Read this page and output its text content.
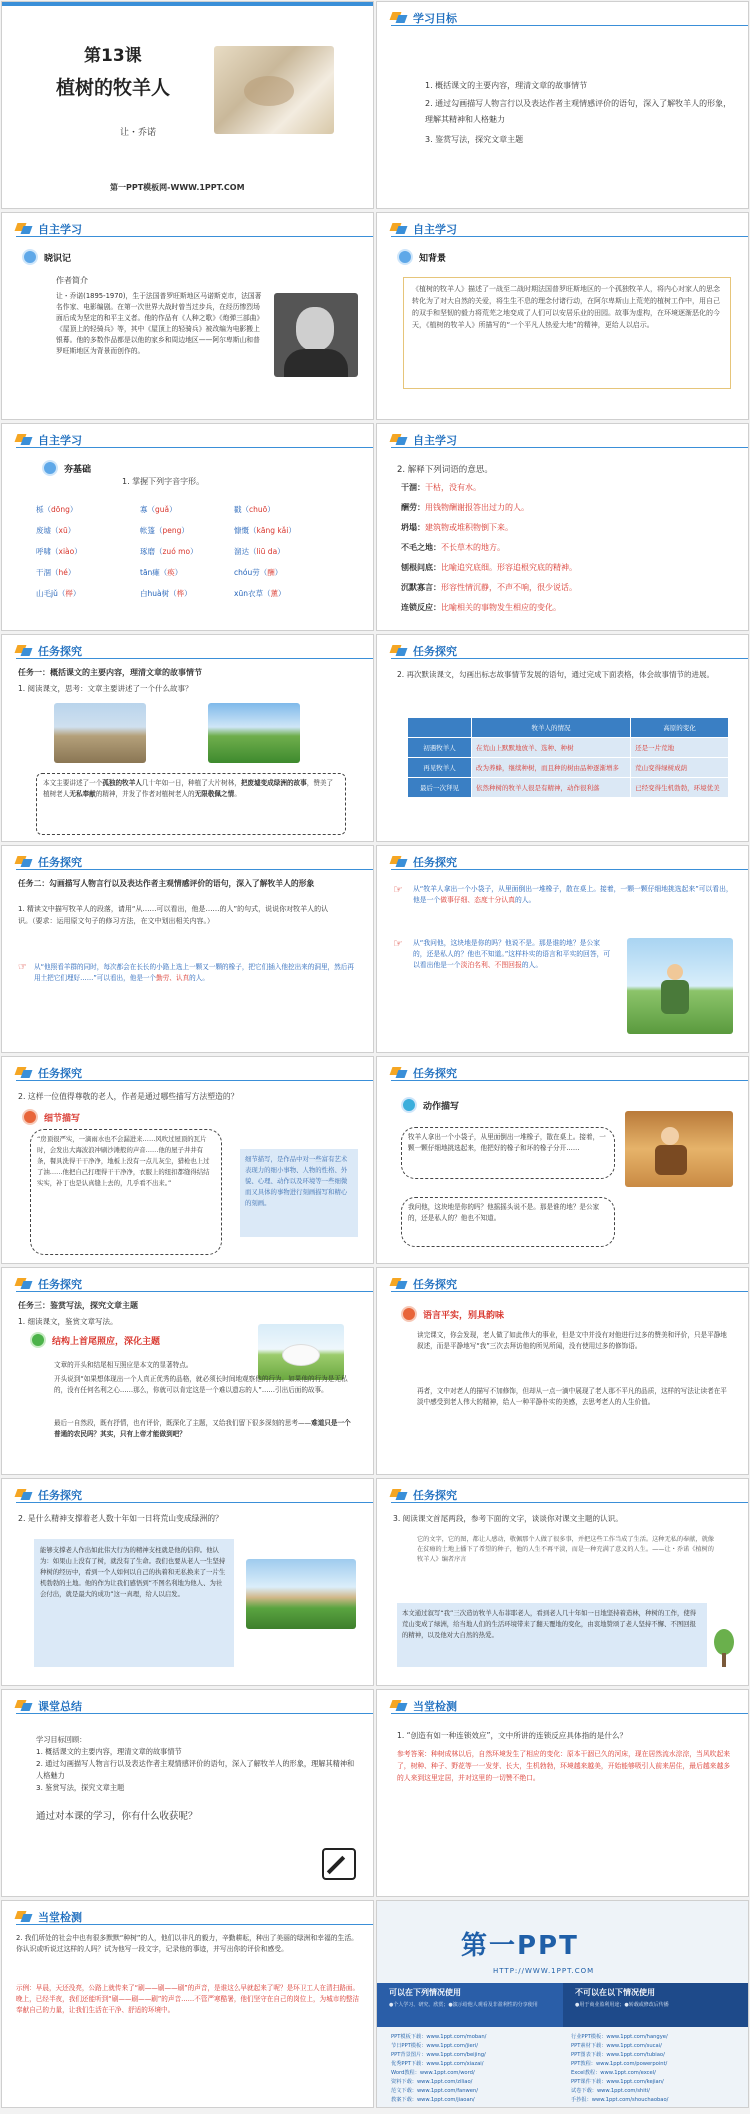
第13课
植树的牧羊人
让・乔诺
第一PPT模板网-WWW.1PPT.COM
学习目标
1. 概括课文的主要内容，理清文章的故事情节
2. 通过勾画描写人物言行以及表达作者主观情感评价的语句，深入了解牧羊人的形象，理解其精神和人格魅力
3. 鉴赏写法，探究文章主题
自主学习
晓识记
作者简介
让・乔诺(1895-1970)，生于法国普罗旺斯地区马诺斯克市，法国著名作家、电影编剧。在第一次世界大战时曾当过步兵，在经历惨烈场面后成为坚定的和平主义者。他的作品有《人种之歌》《炮弹三部曲》《屋顶上的轻骑兵》等，其中《屋顶上的轻骑兵》被改编为电影搬上银幕。他的多数作品都是以他的家乡和周边地区——阿尔卑斯山和普罗旺斯地区为背景而创作的。
自主学习
知背景
《植树的牧羊人》描述了一战至二战时期法国普罗旺斯地区的一个孤独牧羊人，将内心对家人的思念转化为了对大自然的关爱，将生生不息的理念付诸行动，在阿尔卑斯山上荒芜的植树工作中，用自己的双手和坚韧的毅力将荒芜之地变成了人们可以安居乐业的田园。故事为虚构，在环境逐渐恶化的今天，《植树的牧羊人》所描写的“一个平凡人热爱大地”的精神，更给人以启示。
自主学习
夯基础
1. 掌握下列字音字形。
栎（dōng）	寡（guǎ）	戳（chuō）
废墟（xū）	帐篷（peng）	慷慨（kāng kǎi）
呼啸（xiào）	琢磨（zuó mo）	溜达（liū da）
干涸（hé）	tān瘫（痪）	chóu劳（酬）
山毛jǔ（榉）	白huà树（桦）	xūn衣草（薰）
自主学习
2. 解释下列词语的意思。
干涸：干枯，没有水。
酬劳：用钱物酬谢报答出过力的人。
坍塌：建筑物或堆积物倒下来。
不毛之地：不长草木的地方。
刨根问底：比喻追究底细。形容追根究底的精神。
沉默寡言：形容性情沉静，不声不响，很少说话。
连锁反应：比喻相关的事物发生相应的变化。
任务探究
任务一：概括课文的主要内容，理清文章的故事情节
1. 阅读课文，思考：文章主要讲述了一个什么故事？
本文主要讲述了一个孤独的牧羊人几十年如一日，种植了大片树林，把废墟变成绿洲的故事，赞美了植树老人无私奉献的精神，并发了作者对植树老人的无限敬佩之情。
任务探究
2. 再次默读课文，勾画出标志故事情节发展的语句，通过完成下面表格，体会故事情节的进展。
	牧羊人的情况	高原的变化
初遇牧羊人	在荒山上默默地放羊、选种、种树	还是一片荒地
再见牧羊人	改为养蜂，继续种树，而且种的树由品种逐渐增多	荒山变得绿树成荫
最后一次拜见	依然种树的牧羊人很是有精神，动作很利落	已经变得生机勃勃，环境优美
任务探究
任务二：勾画描写人物言行以及表达作者主观情感评价的语句，深入了解牧羊人的形象
1. 精读文中描写牧羊人的段落，请用“从……可以看出，他是……的人”的句式，说说你对牧羊人的认识。（要求：运用原文句子的修习方法，在文中划出相关内容。）
☞	从“他照看羊群的同时，每次都会在长长的小路上选上一颗又一颗的橡子，把它们插入他挖出来的洞里，然后再用土把它们埋好……”可以看出，他是一个勤劳、认真的人。
任务探究
☞	从“牧羊人拿出一个小袋子，从里面倒出一堆橡子，散在桌上。接着，一颗一颗仔细地挑选起来”可以看出，他是一个做事仔细、态度十分认真的人。
☞	从“我问他，这块地是你的吗？他说不是。那是谁的地？是公家的，还是私人的？他也不知道。”这样朴实的语言和平实的回答，可以看出他是一个淡泊名利、不图回报的人。
任务探究
2. 这样一位值得尊敬的老人，作者是通过哪些描写方法塑造的？
细节描写
“房顶很严实，一滴雨水也不会漏进来……风吹过屋顶的瓦片时，会发出大海波浪冲刷沙滩般的声音……他的屋子井井有条，餐具洗得干干净净，地板上没有一点儿灰尘，猎枪也上过了油……他把自己打理得干干净净，衣服上的纽扣都缝得结结实实，补丁也是认真缝上去的，几乎看不出来。”
细节描写，是作品中对一些富有艺术表现力的细小事物、人物的性格、外貌、心理、动作以及环境等一些细微而又具体的事物进行刻画描写和精心的刻画。
任务探究
动作描写
牧羊人拿出一个小袋子，从里面倒出一堆橡子，散在桌上。接着，一颗一颗仔细地挑选起来，他把好的橡子和坏的橡子分开……
我问他，这块地是你的吗？他摇摇头说不是。那是谁的地？是公家的，还是私人的？他也不知道。
任务探究
任务三：鉴赏写法，探究文章主题
1. 细读课文，鉴赏文章写法。
结构上首尾照应，深化主题
文章的开头和结尾相互照应是本文的显著特点。
开头说到“如果想体现出一个人真正优秀的品格，就必须长时间地观察他的行为。如果他的行为是无私的，没有任何名利之心……那么，你就可以肯定这是一个难以遗忘的人”……引出后面的故事。
最后一自然段，既有抒情，也有评价，既深化了主题，又给我们留下很多深刻的思考——难道只是一个普通的农民吗？其实，只有上帝才能做到吧？
任务探究
语言平实，别具韵味
读完课文，你会发现，老人做了如此伟大的事业，但是文中并没有对他进行过多的赞美和评价，只是平静地叙述，而是平静地写“我”三次去拜访他的所见所闻，没有使用过多的修饰语。
再者，文中对老人的描写不加修饰，但却从一点一滴中展现了老人那不平凡的品质，这样的写法让读者在平淡中感受到老人伟大的精神，给人一种平静朴实的美感，去思考老人的人生价值。
任务探究
2. 是什么精神支撑着老人数十年如一日将荒山变成绿洲的？
能够支撑老人作出如此伟大行为的精神支柱就是他的信仰。他认为：如果山上没有了树，就没有了生命。我们也要从老人一生坚持种树的经历中，看到一个人如何以自己的执着和无私换来了一片生机勃勃的土地。他的作为让我们感悟到“不图名利地为他人、为社会付出，就是最大的成功”这一真理，给人以启发。
任务探究
3. 阅读课文首尾两段，参考下面的文字，谈谈你对课文主题的认识。
它的文字，它的图，都让人感动，敬佩那个人做了很多事，并把这些工作当成了生活。这种无私的奉献，就像在贫瘠的土地上播下了希望的种子，他的人生不再平淡，而是一种充满了意义的人生。——让・乔诺《植树的牧羊人》编者序言
本文通过叙写“我”三次造访牧羊人布菲耶老人，看到老人几十年如一日地坚持着造林，种树的工作，使得荒山变成了绿洲，给当地人们的生活环境带来了翻天覆地的变化，由衷地赞颂了老人坚持不懈、不图回报的精神，以及他对大自然的热爱。
课堂总结
学习目标回顾：
1. 概括课文的主要内容，理清文章的故事情节
2. 通过勾画描写人物言行以及表达作者主观情感评价的语句，深入了解牧羊人的形象，理解其精神和人格魅力
3. 鉴赏写法，探究文章主题
通过对本课的学习，你有什么收获呢？
当堂检测
1. “创造有如一种连锁效应”，文中所讲的连锁反应具体指的是什么？
参考答案：种树成林以后，自然环境发生了相应的变化：原本干涸已久的河床，现在居然流水淙淙，当风吹起来了，树种、种子、野花等一一发芽、长大，生机勃勃，环境越来越美，开始能够吸引人前来居住，最后越来越多的人来到这里定居，并对这里的一切赞不绝口。
当堂检测
2. 我们所处的社会中也有很多默默“种树”的人，他们以非凡的毅力，辛勤耕耘，种出了美丽的绿洲和幸福的生活。你认识或听说过这样的人吗？试为他写一段文字，记录他的事迹，并写出你的评价和感受。
示例：早晨，天还没亮，公路上就传来了“刷——刷——刷”的声音，是谁这么早就起来了呢？是环卫工人在清扫路面。晚上，已经半夜，我们还能听到“刷——刷——刷”的声音……不管严寒酷暑，他们坚守在自己的岗位上，为城市的整洁奉献自己的力量，让我们生活在干净、舒适的环境中。
第一PPT
HTTP://WWW.1PPT.COM
可以在下列情况使用
●个人学习、研究、欣赏；●演示给他人观看及非盈利性的分享使用
不可以在以下情况使用
●用于商业盈利用途；●转载或修改后传播
PPT模板下载：www.1ppt.com/moban/	行业PPT模板：www.1ppt.com/hangye/
节日PPT模板：www.1ppt.com/jieri/	PPT素材下载：www.1ppt.com/sucai/
PPT背景图片：www.1ppt.com/beijing/	PPT图表下载：www.1ppt.com/tubiao/
优秀PPT下载：www.1ppt.com/xiazai/	PPT教程：www.1ppt.com/powerpoint/
Word教程：www.1ppt.com/word/	Excel教程：www.1ppt.com/excel/
资料下载：www.1ppt.com/ziliao/	PPT课件下载：www.1ppt.com/kejian/
范文下载：www.1ppt.com/fanwen/	试卷下载：www.1ppt.com/shiti/
教案下载：www.1ppt.com/jiaoan/	手抄报：www.1ppt.com/shouchaobao/
